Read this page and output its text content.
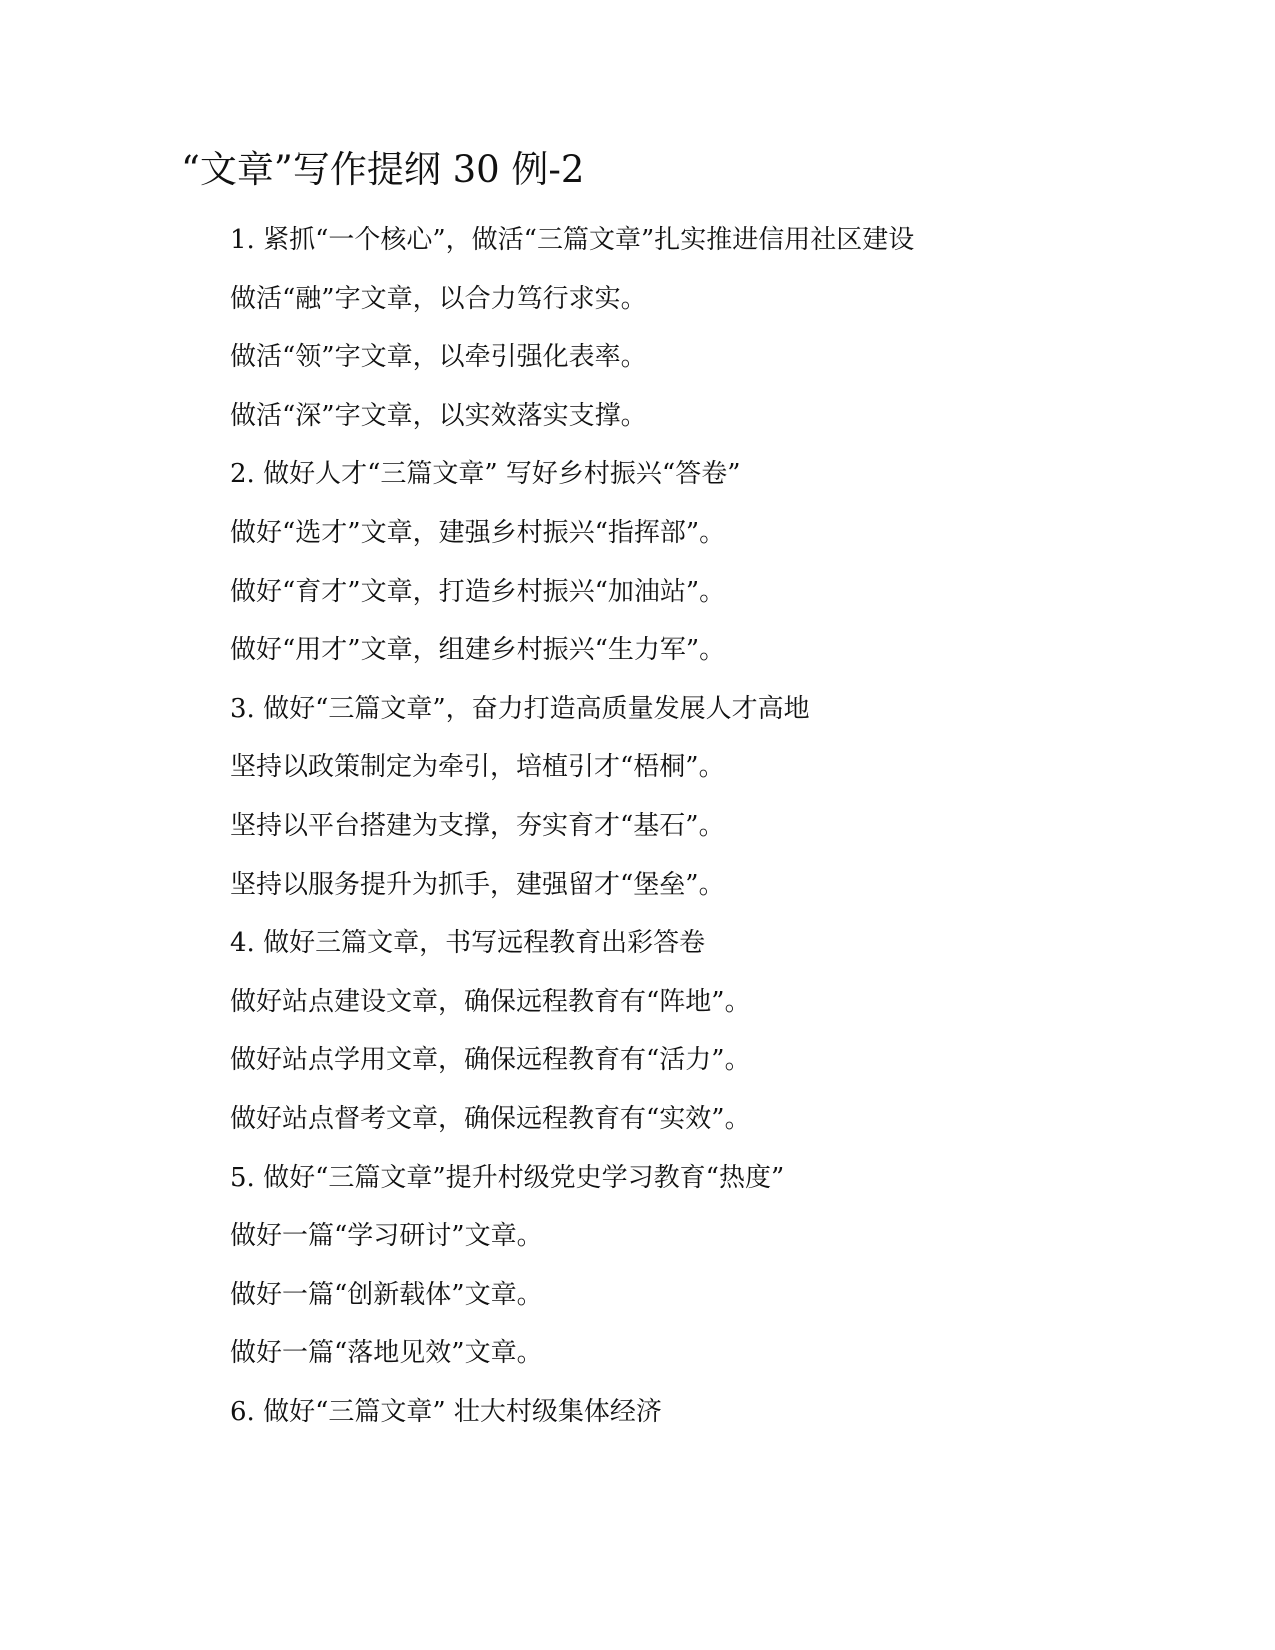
“文章”写作提纲 30 例-2
1. 紧抓“一个核心”，做活“三篇文章”扎实推进信用社区建设
做活“融”字文章，以合力笃行求实。
做活“领”字文章，以牵引强化表率。
做活“深”字文章，以实效落实支撑。
2. 做好人才“三篇文章” 写好乡村振兴“答卷”
做好“选才”文章，建强乡村振兴“指挥部”。
做好“育才”文章，打造乡村振兴“加油站”。
做好“用才”文章，组建乡村振兴“生力军”。
3. 做好“三篇文章”，奋力打造高质量发展人才高地
坚持以政策制定为牵引，培植引才“梧桐”。
坚持以平台搭建为支撑，夯实育才“基石”。
坚持以服务提升为抓手，建强留才“堡垒”。
4. 做好三篇文章，书写远程教育出彩答卷
做好站点建设文章，确保远程教育有“阵地”。
做好站点学用文章，确保远程教育有“活力”。
做好站点督考文章，确保远程教育有“实效”。
5. 做好“三篇文章”提升村级党史学习教育“热度”
做好一篇“学习研讨”文章。
做好一篇“创新载体”文章。
做好一篇“落地见效”文章。
6. 做好“三篇文章” 壮大村级集体经济
